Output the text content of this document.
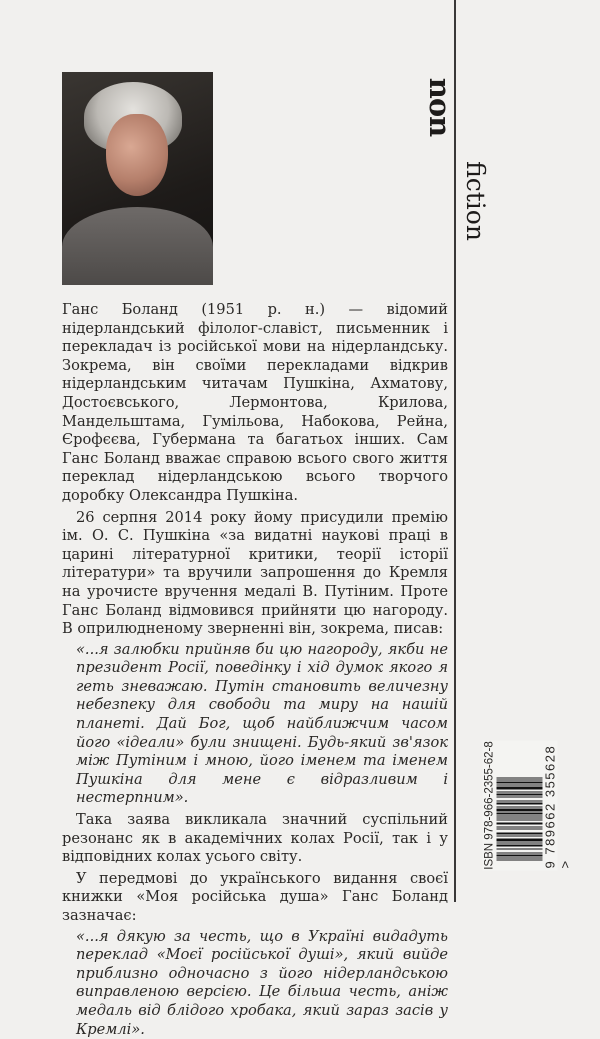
non
fiction

Ганс Боланд (1951 р. н.) — відомий нідерландський філолог-славіст, письменник і перекладач із російської мови на нідерландську. Зокрема, він своїми перекладами відкрив нідерландським читачам Пушкіна, Ахматову, Достоєвського, Лермонтова, Крилова, Мандельштама, Гумільова, Набокова, Рейна, Єрофєєва, Губермана та багатьох інших. Сам Ганс Боланд вважає справою всього свого життя переклад нідерландською всього творчого доробку Олександра Пушкіна.

26 серпня 2014 року йому присудили премію ім. О. С. Пушкіна «за видатні наукові праці в царині літературної критики, теорії історії літератури» та вручили запрошення до Кремля на урочисте вручення медалі В. Путіним. Проте Ганс Боланд відмовився прийняти цю нагороду. В оприлюдненому зверненні він, зокрема, писав:

«...я залюбки прийняв би цю нагороду, якби не президент Росії, поведінку і хід думок якого я геть зневажаю. Путін становить величезну небезпеку для свободи та миру на нашій планеті. Дай Бог, щоб найближчим часом його «ідеали» були знищені. Будь-який зв'язок між Путіним і мною, його іменем та іменем Пушкіна для мене є відразливим і нестерпним».

Така заява викликала значний суспільний резонанс як в академічних колах Росії, так і у відповідних колах усього світу.

У передмові до українського видання своєї книжки «Моя російська душа» Ганс Боланд зазначає:

«...я дякую за честь, що в Україні видадуть переклад «Моєї російської душі», який вийде приблизно одночасно з його нідерландською виправленою версією. Це більша честь, аніж медаль від блідого хробака, який зараз засів у Кремлі».

ISBN 978-966-2355-62-8	9 789662 355628 >
